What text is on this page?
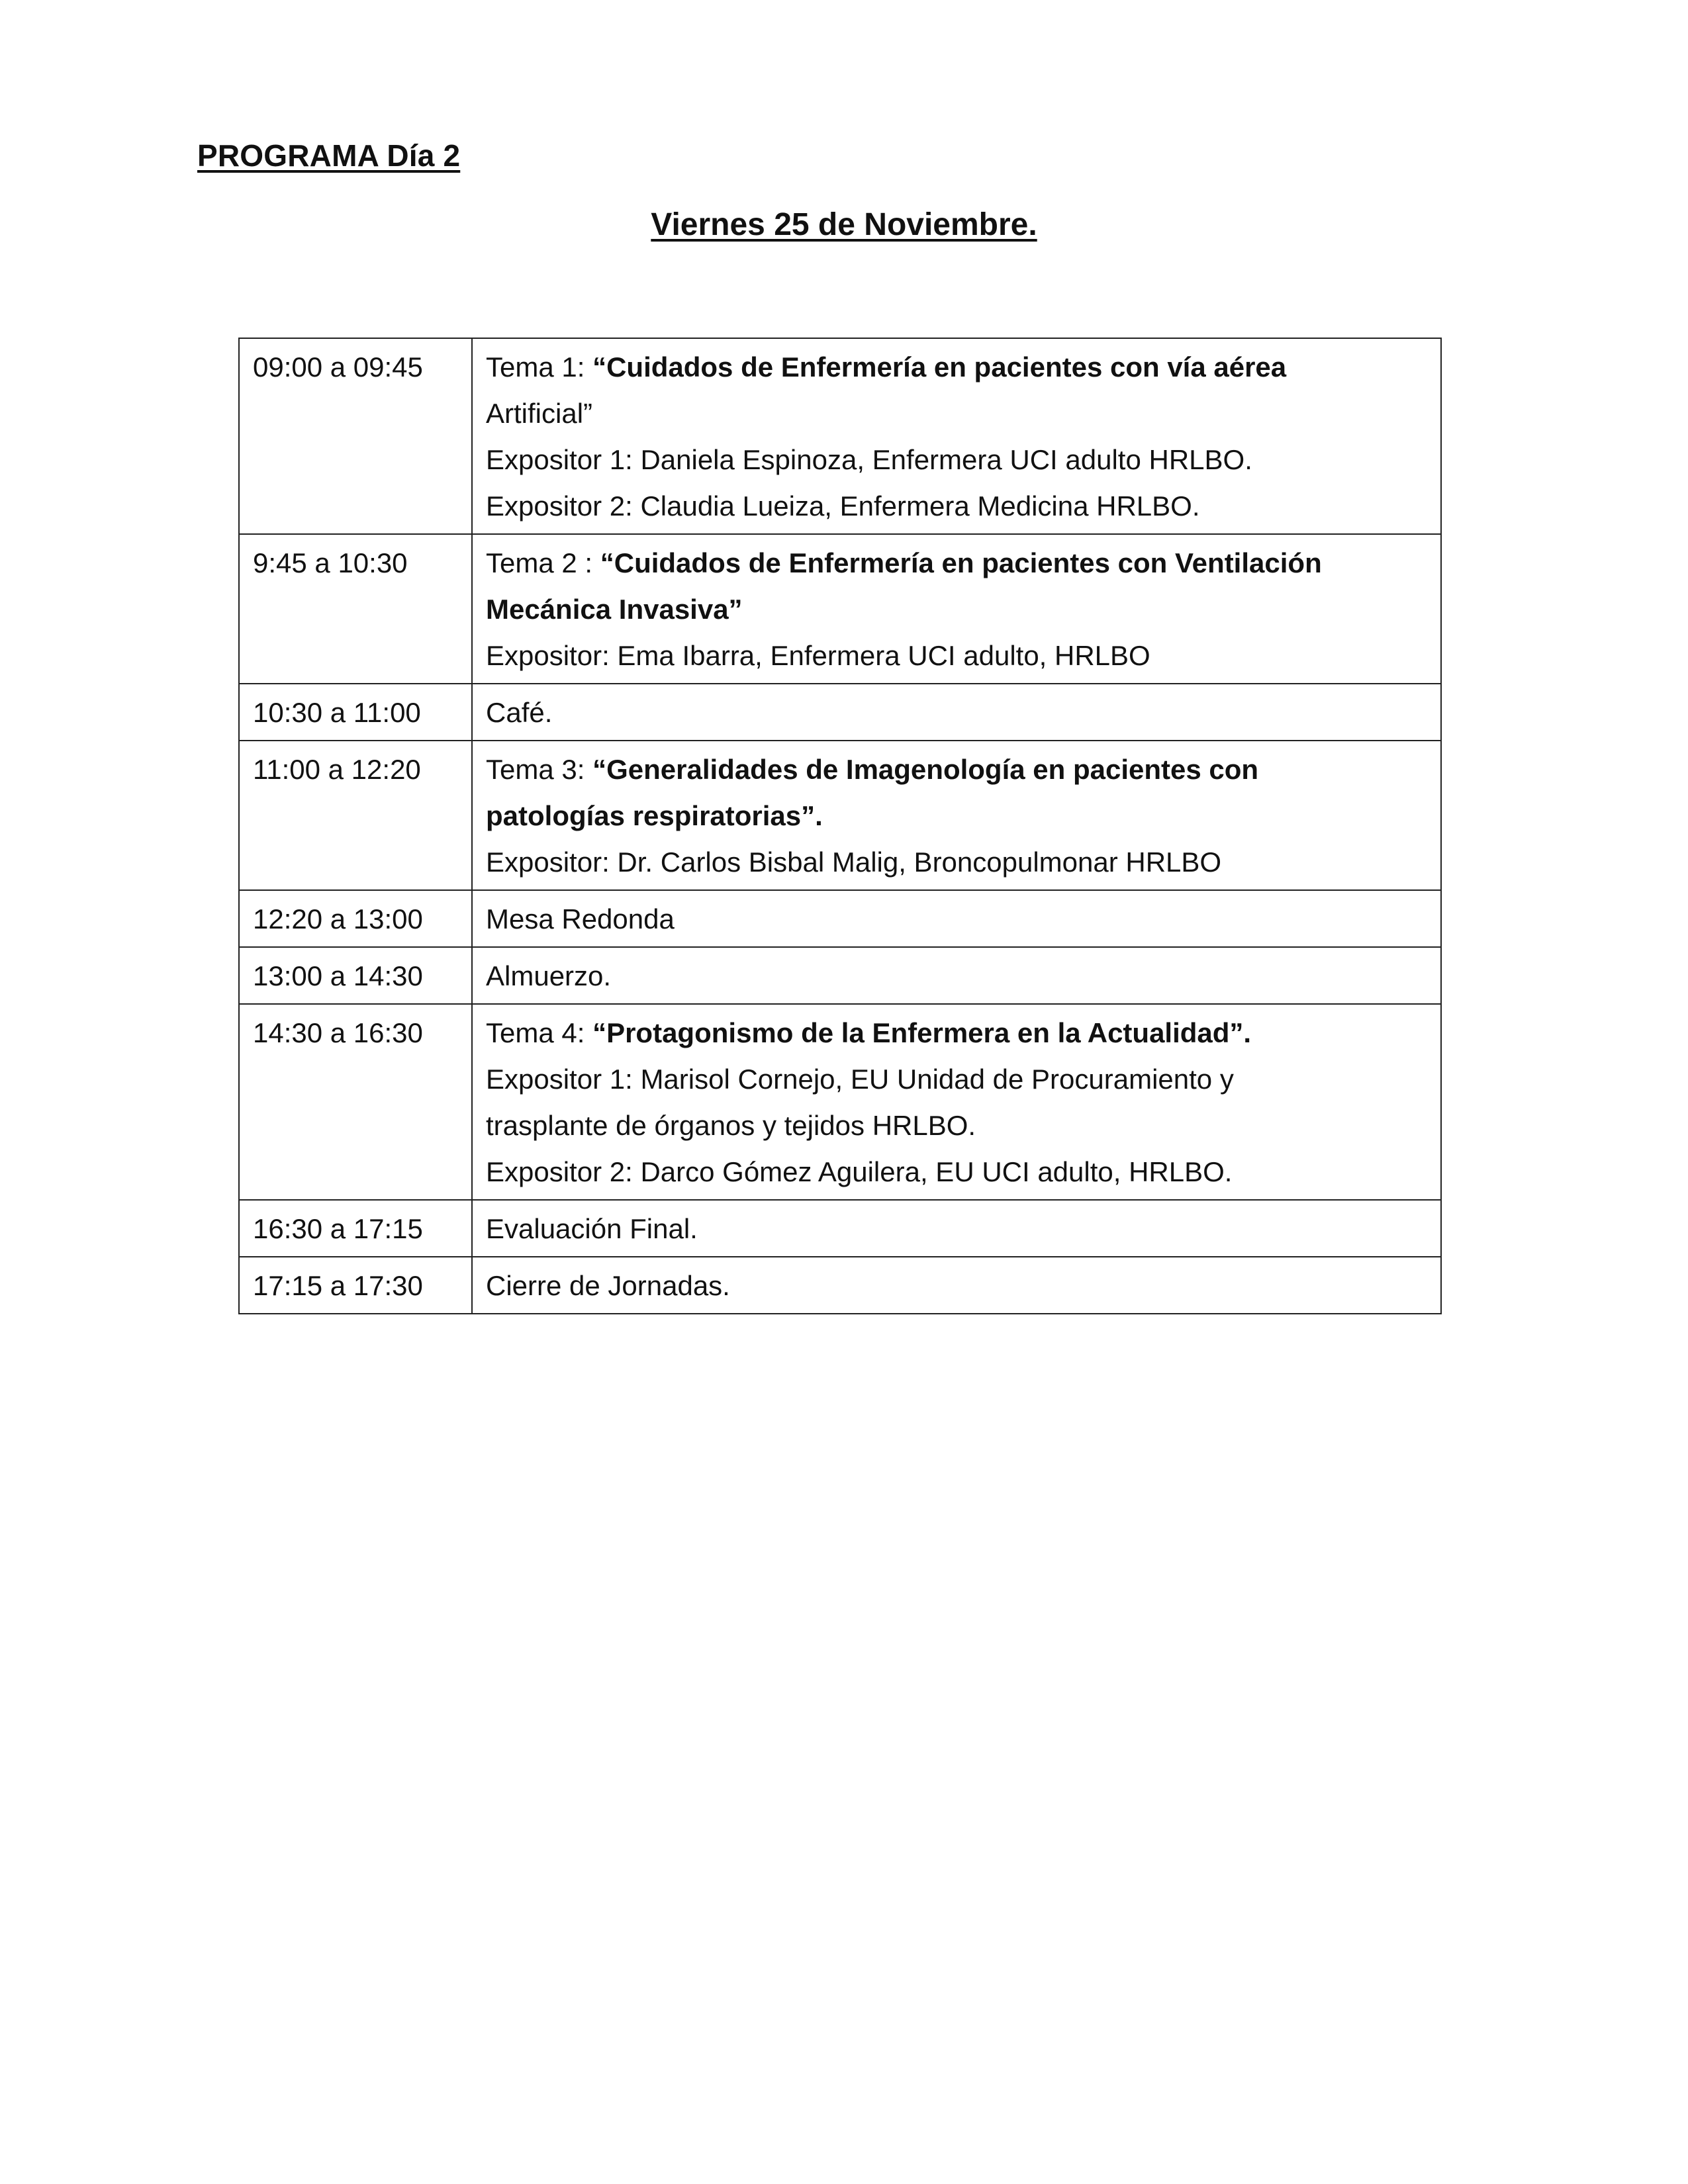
PROGRAMA Día 2
Viernes 25 de Noviembre.
09:00 a 09:45	Tema 1: “Cuidados de Enfermería en pacientes con vía aérea
Artificial”
Expositor 1: Daniela Espinoza, Enfermera UCI adulto HRLBO.
Expositor 2: Claudia Lueiza, Enfermera Medicina HRLBO.

9:45 a 10:30	Tema 2 : “Cuidados de Enfermería en pacientes con Ventilación
Mecánica Invasiva”
Expositor: Ema Ibarra, Enfermera UCI adulto, HRLBO

10:30 a 11:00	Café.

11:00 a 12:20	Tema 3: “Generalidades de Imagenología en pacientes con
patologías respiratorias”.
Expositor: Dr. Carlos Bisbal Malig, Broncopulmonar HRLBO

12:20 a 13:00	Mesa Redonda

13:00 a 14:30	Almuerzo.

14:30 a 16:30	Tema 4: “Protagonismo de la Enfermera en la Actualidad”.
Expositor 1: Marisol Cornejo, EU Unidad de Procuramiento y
trasplante de órganos y tejidos HRLBO.
Expositor 2: Darco Gómez Aguilera, EU UCI adulto, HRLBO.

16:30 a 17:15	Evaluación Final.

17:15 a 17:30	Cierre de Jornadas.
